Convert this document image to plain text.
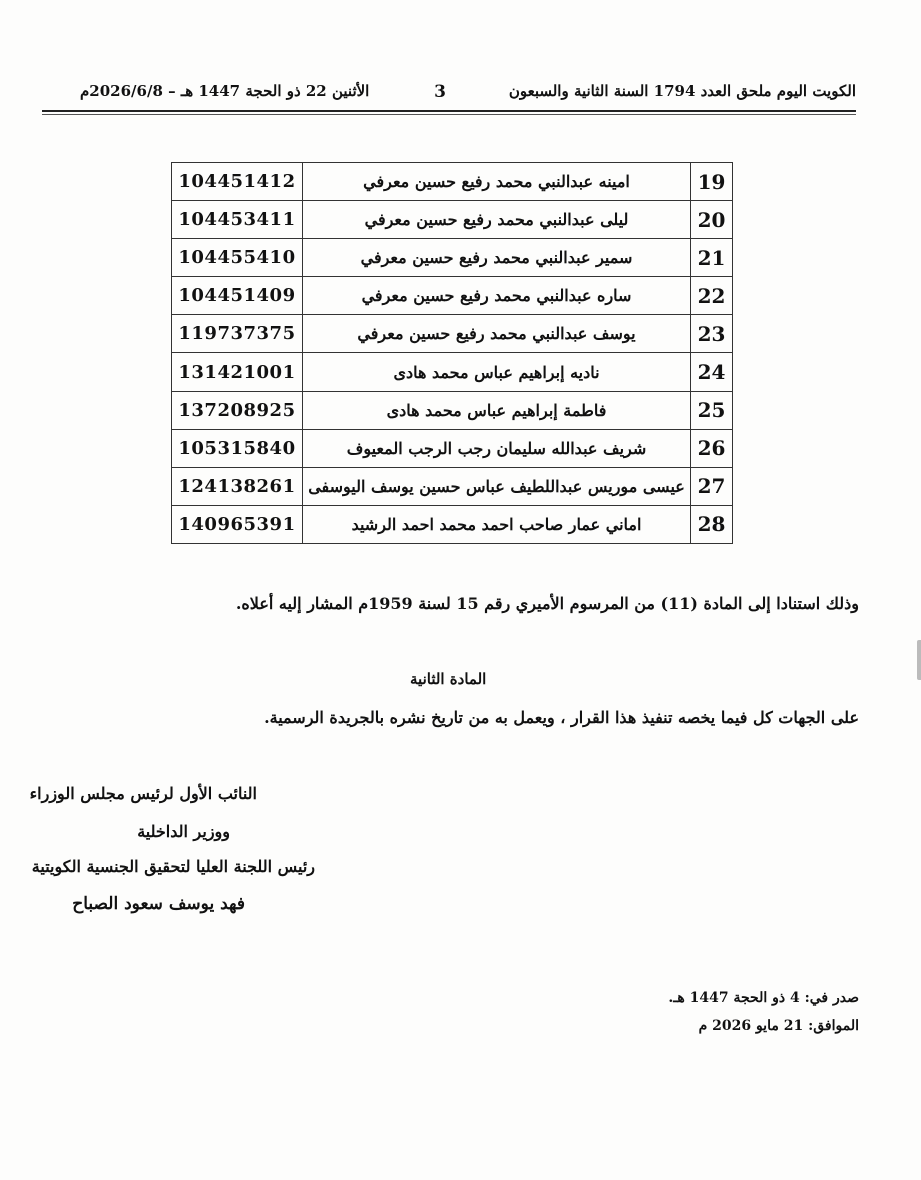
الكويت اليوم ملحق العدد 1794 السنة الثانية والسبعون
3
الأثنين 22 ذو الحجة 1447 هـ – 2026/6/8م
19	امينه عبدالنبي محمد رفيع حسين معرفي	104451412
20	ليلى عبدالنبي محمد رفيع حسين معرفي	104453411
21	سمير عبدالنبي محمد رفيع حسين معرفي	104455410
22	ساره عبدالنبي محمد رفيع حسين معرفي	104451409
23	يوسف عبدالنبي محمد رفيع حسين معرفي	119737375
24	ناديه إبراهيم عباس محمد هادى	131421001
25	فاطمة إبراهيم عباس محمد هادى	137208925
26	شريف عبدالله سليمان رجب الرجب المعيوف	105315840
27	عيسى موريس عبداللطيف عباس حسين يوسف اليوسفى	124138261
28	اماني عمار صاحب احمد محمد احمد الرشيد	140965391
وذلك استنادا إلى المادة (11) من المرسوم الأميري رقم 15 لسنة 1959م المشار إليه أعلاه.
المادة الثانية
على الجهات كل فيما يخصه تنفيذ هذا القرار ، ويعمل به من تاريخ نشره بالجريدة الرسمية.
النائب الأول لرئيس مجلس الوزراء
ووزير الداخلية
رئيس اللجنة العليا لتحقيق الجنسية الكويتية
فهد يوسف سعود الصباح
صدر في: 4 ذو الحجة 1447 هـ.
الموافق: 21 مايو 2026 م
